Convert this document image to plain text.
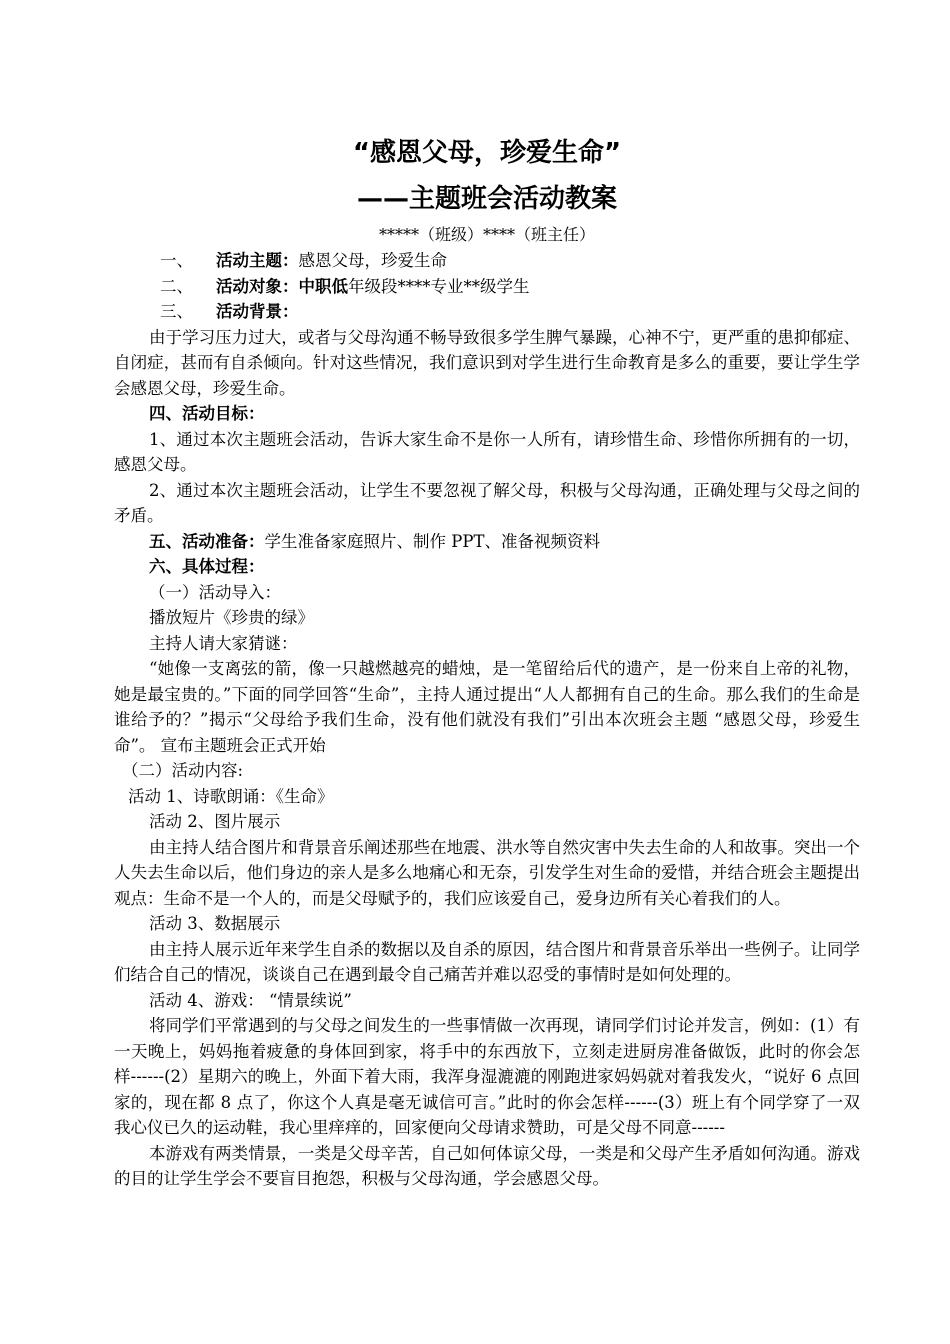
“感恩父母，珍爱生命”
——主题班会活动教案

*****（班级）****（班主任）

一、	活动主题：感恩父母，珍爱生命

二、	活动对象：中职低年级段****专业**级学生

三、	活动背景：

由于学习压力过大，或者与父母沟通不畅导致很多学生脾气暴躁，心神不宁，更严重的患抑郁症、自闭症，甚而有自杀倾向。针对这些情况，我们意识到对学生进行生命教育是多么的重要，要让学生学会感恩父母，珍爱生命。

四、活动目标：

1、通过本次主题班会活动，告诉大家生命不是你一人所有，请珍惜生命、珍惜你所拥有的一切，感恩父母。

2、通过本次主题班会活动，让学生不要忽视了解父母，积极与父母沟通，正确处理与父母之间的矛盾。

五、活动准备：学生准备家庭照片、制作 PPT、准备视频资料

六、具体过程：

（一）活动导入：

播放短片《珍贵的绿》

主持人请大家猜谜：

“她像一支离弦的箭，像一只越燃越亮的蜡烛，是一笔留给后代的遗产，是一份来自上帝的礼物，她是最宝贵的。”下面的同学回答“生命”，主持人通过提出“人人都拥有自己的生命。那么我们的生命是谁给予的？”揭示“父母给予我们生命，没有他们就没有我们”引出本次班会主题 “感恩父母，珍爱生命”。 宣布主题班会正式开始

（二）活动内容:

活动 1、诗歌朗诵：《生命》

活动 2、图片展示

由主持人结合图片和背景音乐阐述那些在地震、洪水等自然灾害中失去生命的人和故事。突出一个人失去生命以后，他们身边的亲人是多么地痛心和无奈，引发学生对生命的爱惜，并结合班会主题提出观点：生命不是一个人的，而是父母赋予的，我们应该爱自己，爱身边所有关心着我们的人。

活动 3、数据展示

由主持人展示近年来学生自杀的数据以及自杀的原因，结合图片和背景音乐举出一些例子。让同学们结合自己的情况，谈谈自己在遇到最令自己痛苦并难以忍受的事情时是如何处理的。

活动 4、游戏： “情景续说”

将同学们平常遇到的与父母之间发生的一些事情做一次再现，请同学们讨论并发言，例如：(1）有一天晚上，妈妈拖着疲惫的身体回到家，将手中的东西放下，立刻走进厨房准备做饭，此时的你会怎样------(2）星期六的晚上，外面下着大雨，我浑身湿漉漉的刚跑进家妈妈就对着我发火，“说好 6 点回家的，现在都 8 点了，你这个人真是毫无诚信可言。”此时的你会怎样------(3）班上有个同学穿了一双我心仪已久的运动鞋，我心里痒痒的，回家便向父母请求赞助，可是父母不同意------

本游戏有两类情景，一类是父母辛苦，自己如何体谅父母，一类是和父母产生矛盾如何沟通。游戏的目的让学生学会不要盲目抱怨，积极与父母沟通，学会感恩父母。
